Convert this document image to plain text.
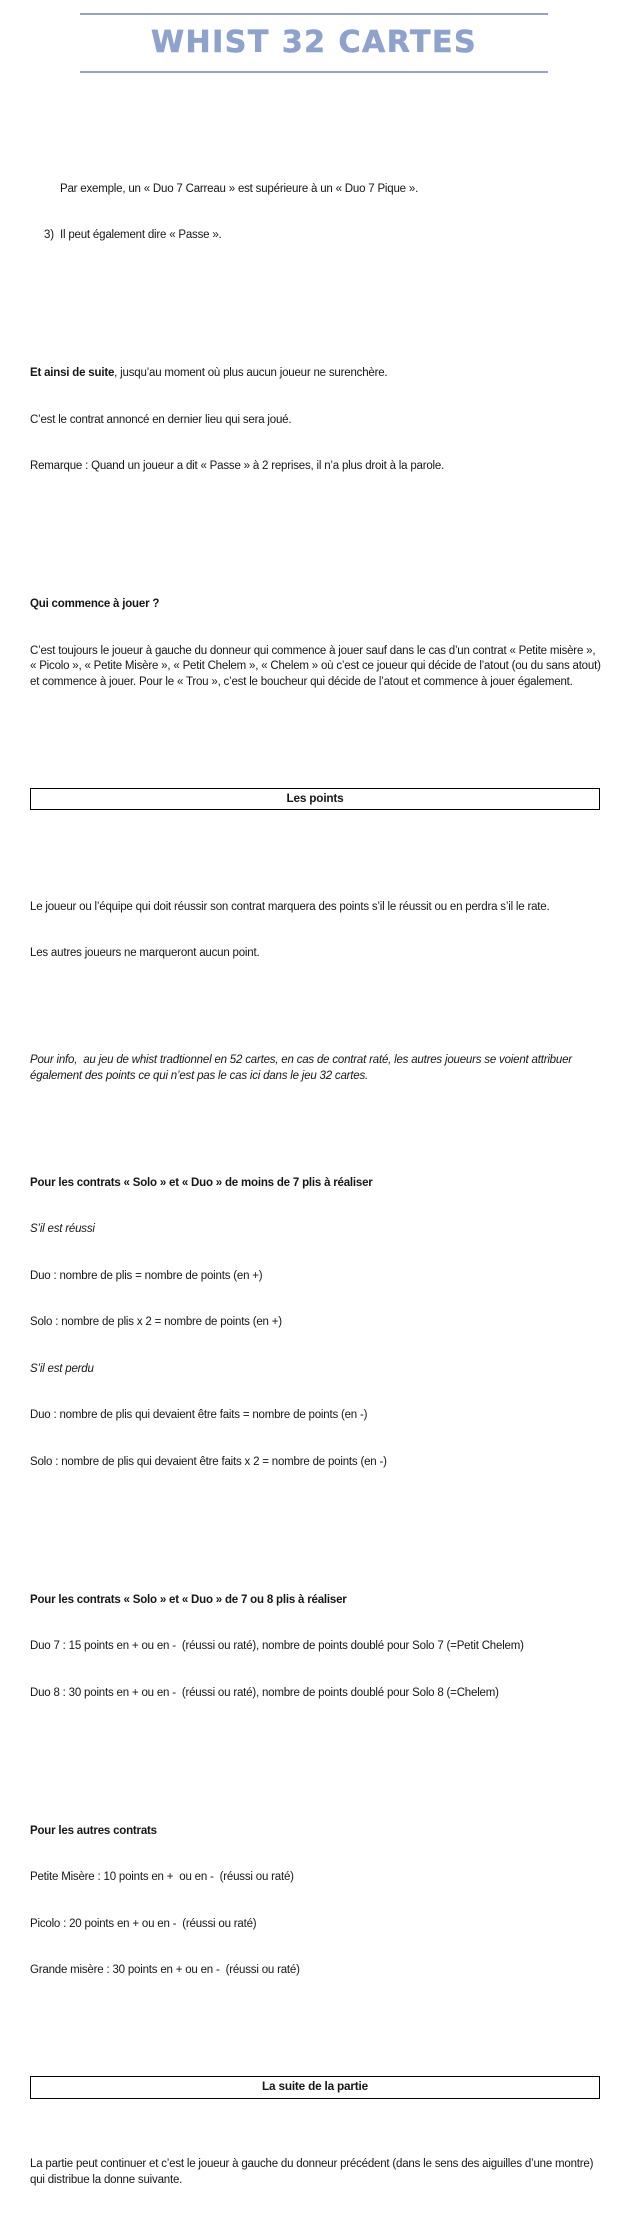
WHIST 32 CARTES

Par exemple, un « Duo 7 Carreau » est supérieure à un « Duo 7 Pique ».

3) Il peut également dire « Passe ».

Et ainsi de suite, jusqu’au moment où plus aucun joueur ne surenchère.

C’est le contrat annoncé en dernier lieu qui sera joué.

Remarque : Quand un joueur a dit « Passe » à 2 reprises, il n’a plus droit à la parole.

Qui commence à jouer ?

C’est toujours le joueur à gauche du donneur qui commence à jouer sauf dans le cas d’un contrat « Petite misère », « Picolo », « Petite Misère », « Petit Chelem », « Chelem » où c’est ce joueur qui décide de l’atout (ou du sans atout) et commence à jouer. Pour le « Trou », c’est le boucheur qui décide de l’atout et commence à jouer également.

Les points

Le joueur ou l’équipe qui doit réussir son contrat marquera des points s’il le réussit ou en perdra s’il le rate.

Les autres joueurs ne marqueront aucun point.

Pour info,  au jeu de whist tradtionnel en 52 cartes, en cas de contrat raté, les autres joueurs se voient attribuer également des points ce qui n’est pas le cas ici dans le jeu 32 cartes.

Pour les contrats « Solo » et « Duo » de moins de 7 plis à réaliser

S’il est réussi

Duo : nombre de plis = nombre de points (en +)

Solo : nombre de plis x 2 = nombre de points (en +)

S’il est perdu

Duo : nombre de plis qui devaient être faits = nombre de points (en -)

Solo : nombre de plis qui devaient être faits x 2 = nombre de points (en -)

Pour les contrats « Solo » et « Duo » de 7 ou 8 plis à réaliser

Duo 7 : 15 points en + ou en -  (réussi ou raté), nombre de points doublé pour Solo 7 (=Petit Chelem)

Duo 8 : 30 points en + ou en -  (réussi ou raté), nombre de points doublé pour Solo 8 (=Chelem)

Pour les autres contrats

Petite Misère : 10 points en +  ou en -  (réussi ou raté)

Picolo : 20 points en + ou en -  (réussi ou raté)

Grande misère : 30 points en + ou en -  (réussi ou raté)

La suite de la partie

La partie peut continuer et c’est le joueur à gauche du donneur précédent (dans le sens des aiguilles d’une montre) qui distribue la donne suivante.
